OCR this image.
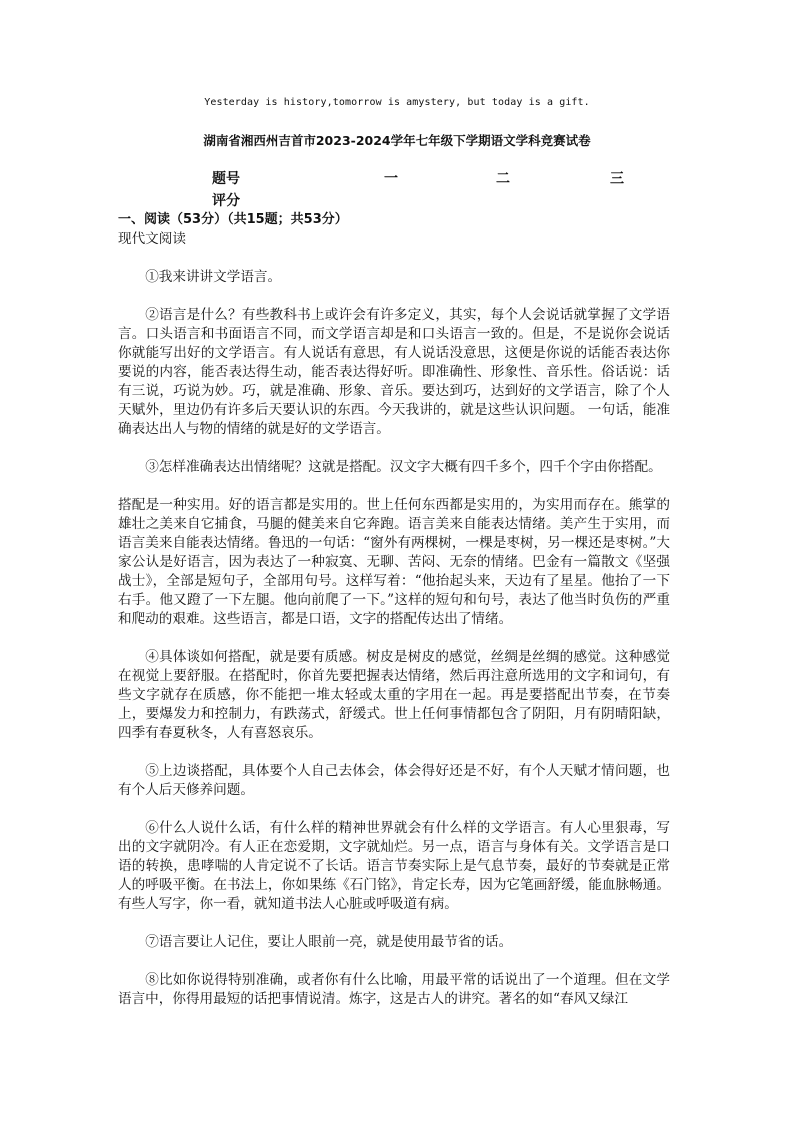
Yesterday is history,tomorrow is amystery, but today is a gift.
湖南省湘西州吉首市2023-2024学年七年级下学期语文学科竞赛试卷
题号	一	二	三
评分
一、阅读（53分）（共15题；共53分）
现代文阅读

①我来讲讲文学语言。

②语言是什么？有些教科书上或许会有许多定义，其实，每个人会说话就掌握了文学语言。口头语言和书面语言不同，而文学语言却是和口头语言一致的。但是，不是说你会说话你就能写出好的文学语言。有人说话有意思，有人说话没意思，这便是你说的话能否表达你要说的内容，能否表达得生动，能否表达得好听。即准确性、形象性、音乐性。俗话说：话有三说，巧说为妙。巧，就是准确、形象、音乐。要达到巧，达到好的文学语言，除了个人天赋外，里边仍有许多后天要认识的东西。今天我讲的，就是这些认识问题。 一句话，能准确表达出人与物的情绪的就是好的文学语言。

③怎样准确表达出情绪呢？这就是搭配。汉文字大概有四千多个，四千个字由你搭配。

搭配是一种实用。好的语言都是实用的。世上任何东西都是实用的，为实用而存在。熊掌的雄壮之美来自它捕食，马腿的健美来自它奔跑。语言美来自能表达情绪。美产生于实用，而语言美来自能表达情绪。鲁迅的一句话：“窗外有两棵树，一棵是枣树，另一棵还是枣树。”大家公认是好语言，因为表达了一种寂寞、无聊、苦闷、无奈的情绪。巴金有一篇散文《坚强战士》，全部是短句子，全部用句号。这样写着：“他抬起头来，天边有了星星。他抬了一下右手。他又蹬了一下左腿。他向前爬了一下。”这样的短句和句号，表达了他当时负伤的严重和爬动的艰难。这些语言，都是口语，文字的搭配传达出了情绪。

④具体谈如何搭配，就是要有质感。树皮是树皮的感觉，丝绸是丝绸的感觉。这种感觉在视觉上要舒服。在搭配时，你首先要把握表达情绪，然后再注意所选用的文字和词句，有些文字就存在质感，你不能把一堆太轻或太重的字用在一起。再是要搭配出节奏，在节奏上，要爆发力和控制力，有跌荡式，舒缓式。世上任何事情都包含了阴阳，月有阴晴阳缺，四季有春夏秋冬，人有喜怒哀乐。

⑤上边谈搭配，具体要个人自己去体会，体会得好还是不好，有个人天赋才情问题，也有个人后天修养问题。

⑥什么人说什么话，有什么样的精神世界就会有什么样的文学语言。有人心里狠毒，写出的文字就阴冷。有人正在恋爱期，文字就灿烂。另一点，语言与身体有关。文学语言是口语的转换，患哮喘的人肯定说不了长话。语言节奏实际上是气息节奏，最好的节奏就是正常人的呼吸平衡。在书法上，你如果练《石门铭》，肯定长寿，因为它笔画舒缓，能血脉畅通。有些人写字，你一看，就知道书法人心脏或呼吸道有病。

⑦语言要让人记住，要让人眼前一亮，就是使用最节省的话。

⑧比如你说得特别准确，或者你有什么比喻，用最平常的话说出了一个道理。但在文学语言中，你得用最短的话把事情说清。炼字，这是古人的讲究。著名的如“春风又绿江
